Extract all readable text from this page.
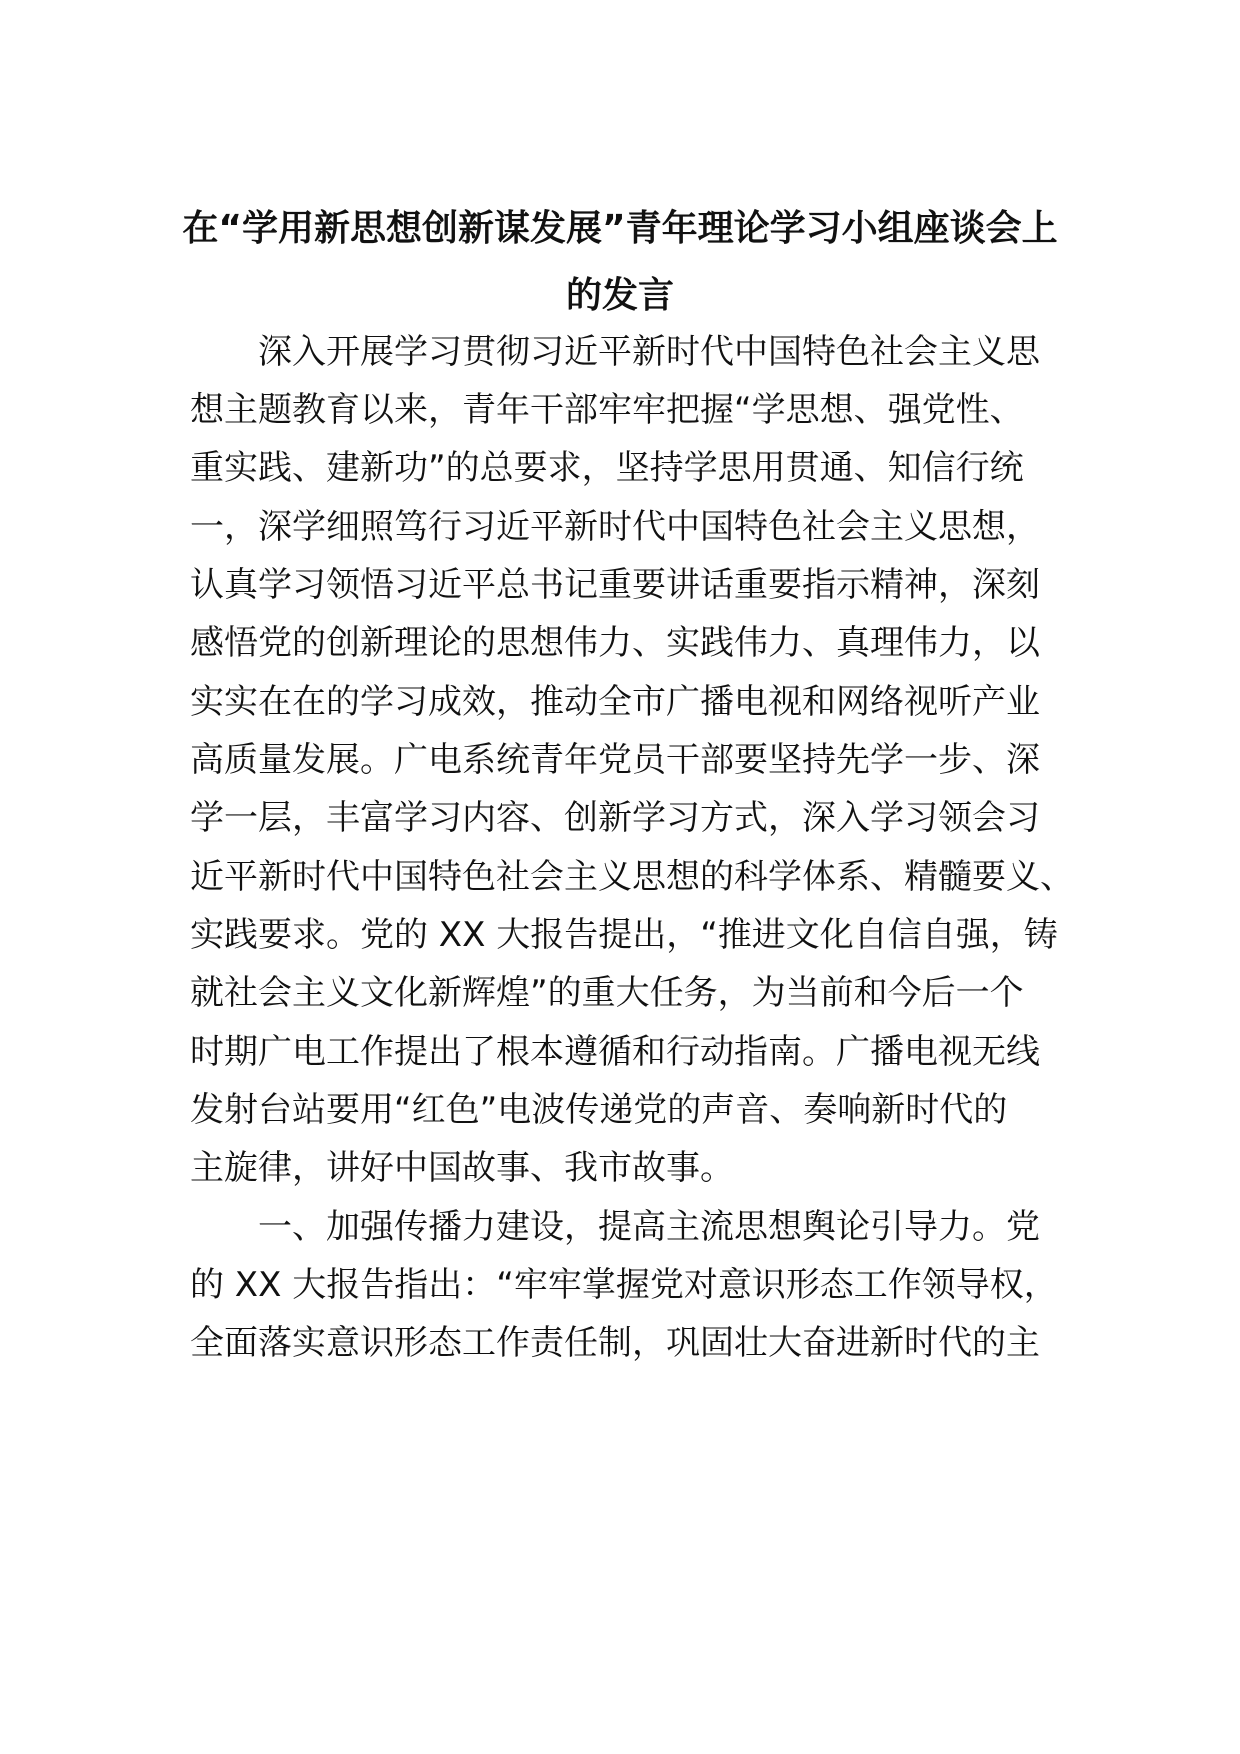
在“学用新思想创新谋发展”青年理论学习小组座谈会上
的发言
深入开展学习贯彻习近平新时代中国特色社会主义思
想主题教育以来，青年干部牢牢把握“学思想、强党性、
重实践、建新功”的总要求，坚持学思用贯通、知信行统
一，深学细照笃行习近平新时代中国特色社会主义思想，
认真学习领悟习近平总书记重要讲话重要指示精神，深刻
感悟党的创新理论的思想伟力、实践伟力、真理伟力，以
实实在在的学习成效，推动全市广播电视和网络视听产业
高质量发展。广电系统青年党员干部要坚持先学一步、深
学一层，丰富学习内容、创新学习方式，深入学习领会习
近平新时代中国特色社会主义思想的科学体系、精髓要义、
实践要求。党的 XX 大报告提出，“推进文化自信自强，铸
就社会主义文化新辉煌”的重大任务，为当前和今后一个
时期广电工作提出了根本遵循和行动指南。广播电视无线
发射台站要用“红色”电波传递党的声音、奏响新时代的
主旋律，讲好中国故事、我市故事。
一、加强传播力建设，提高主流思想舆论引导力。党
的 XX 大报告指出：“牢牢掌握党对意识形态工作领导权，
全面落实意识形态工作责任制，巩固壮大奋进新时代的主
